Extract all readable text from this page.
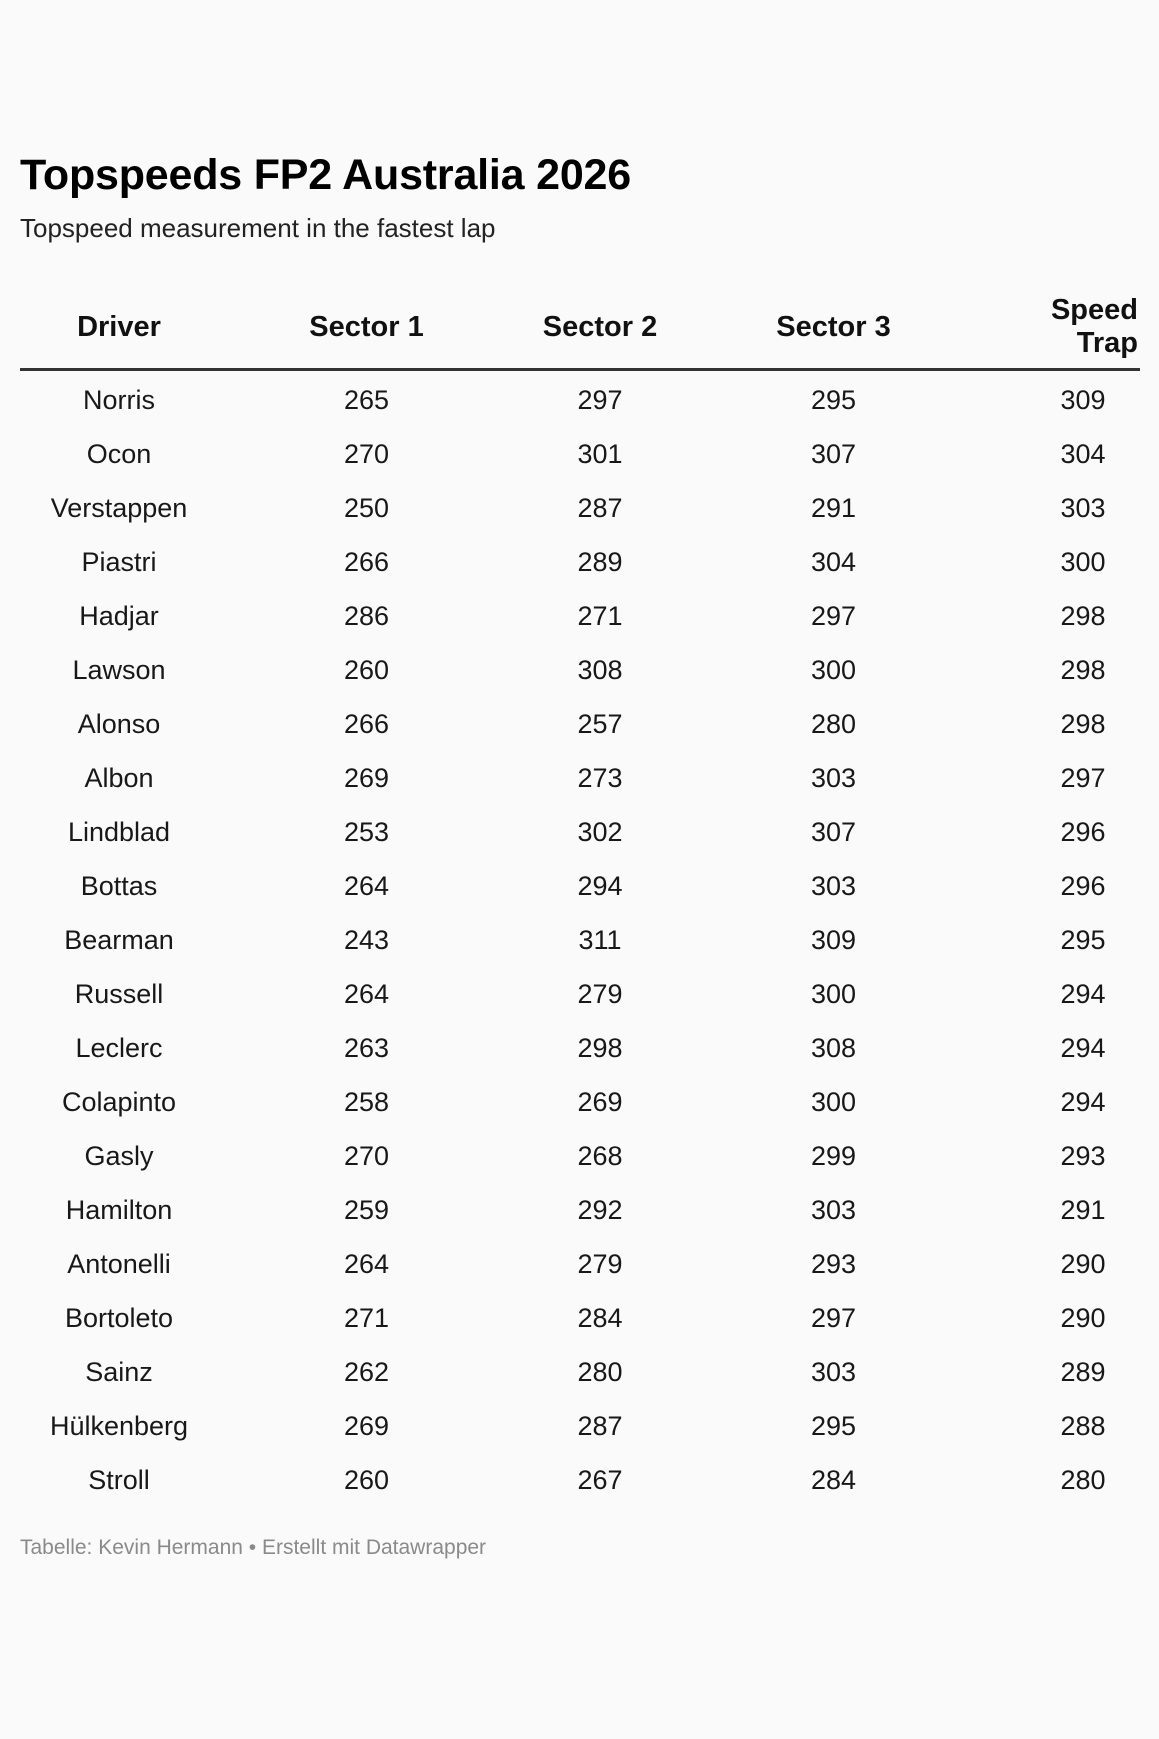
Topspeeds FP2 Australia 2026

Topspeed measurement in the fastest lap

Driver	Sector 1	Sector 2	Sector 3	Speed Trap
Norris	265	297	295	309
Ocon	270	301	307	304
Verstappen	250	287	291	303
Piastri	266	289	304	300
Hadjar	286	271	297	298
Lawson	260	308	300	298
Alonso	266	257	280	298
Albon	269	273	303	297
Lindblad	253	302	307	296
Bottas	264	294	303	296
Bearman	243	311	309	295
Russell	264	279	300	294
Leclerc	263	298	308	294
Colapinto	258	269	300	294
Gasly	270	268	299	293
Hamilton	259	292	303	291
Antonelli	264	279	293	290
Bortoleto	271	284	297	290
Sainz	262	280	303	289
Hülkenberg	269	287	295	288
Stroll	260	267	284	280
Tabelle: Kevin Hermann • Erstellt mit Datawrapper
